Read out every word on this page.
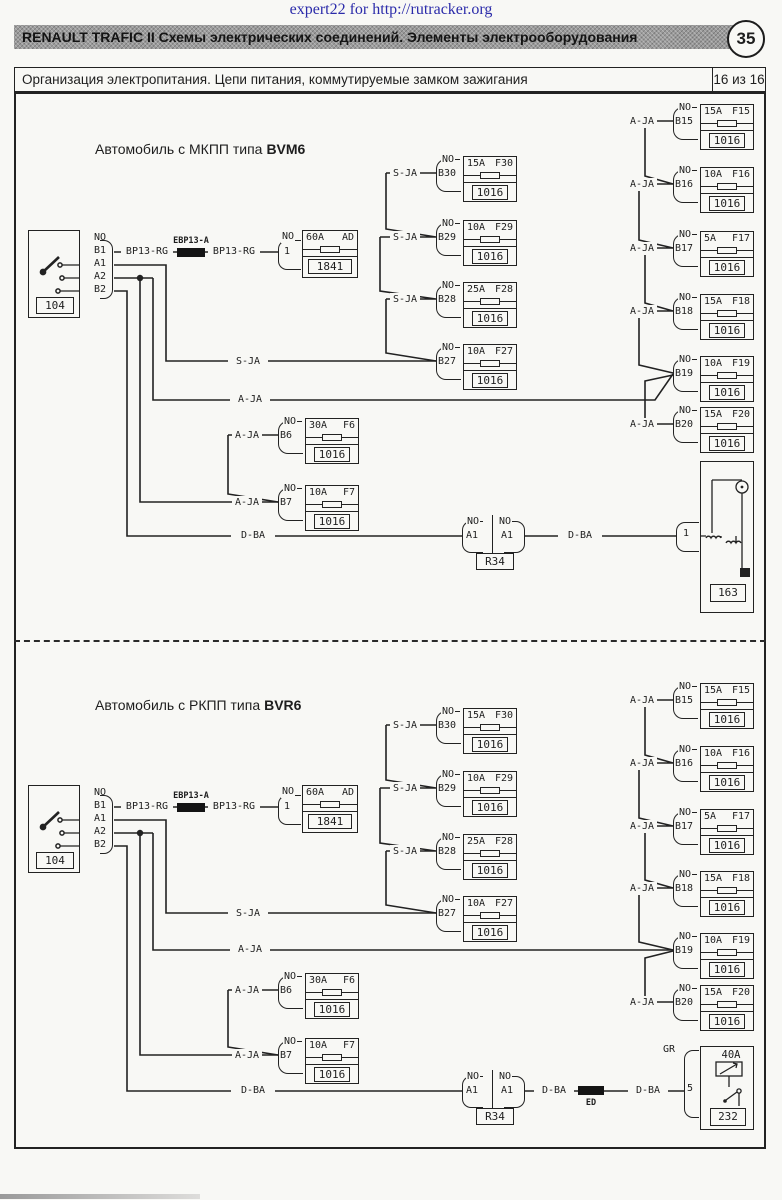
expert22 for http://rutracker.org
RENAULT TRAFIC II Схемы электрических соединений. Элементы электрооборудования	35
Организация электропитания. Цепи питания, коммутируемые замком зажигания	16 из 16
Автомобиль с МКПП типа BVM6
104
NO
B1
A1
A2
B2
BP13-RG
EBP13-A
BP13-RG
NO
1
60A AD
1841
S-JA
NO
B30
15A F30
1016
S-JA
NO
B29
10A F29
1016
S-JA
NO
B28
25A F28
1016
NO
B27
10A F27
1016
A-JA
NO
B15
15A F15
1016
A-JA
NO
B16
10A F16
1016
A-JA
NO
B17
5A F17
1016
A-JA
NO
B18
15A F18
1016
NO
B19
10A F19
1016
A-JA
NO
B20
15A F20
1016
A-JA
NO
B6
30A F6
1016
A-JA
NO
B7
10A F7
1016
S-JA
A-JA
D-BA	D-BA
NO NO
A1 A1
R34
1
163
Автомобиль с РКПП типа BVR6
104
NO
B1
A1
A2
B2
BP13-RG
EBP13-A
BP13-RG
NO
1
60A AD
1841
S-JA
NO
B30
15A F30
1016
S-JA
NO
B29
10A F29
1016
S-JA
NO
B28
25A F28
1016
NO
B27
10A F27
1016
A-JA
NO
B15
15A F15
1016
A-JA
NO
B16
10A F16
1016
A-JA
NO
B17
5A F17
1016
A-JA
NO
B18
15A F18
1016
NO
B19
10A F19
1016
A-JA
NO
B20
15A F20
1016
A-JA
NO
B6
30A F6
1016
A-JA
NO
B7
10A F7
1016
S-JA
A-JA
D-BA	D-BA
ED
D-BA
NO NO
A1 A1
R34
GR
5
40A
232
